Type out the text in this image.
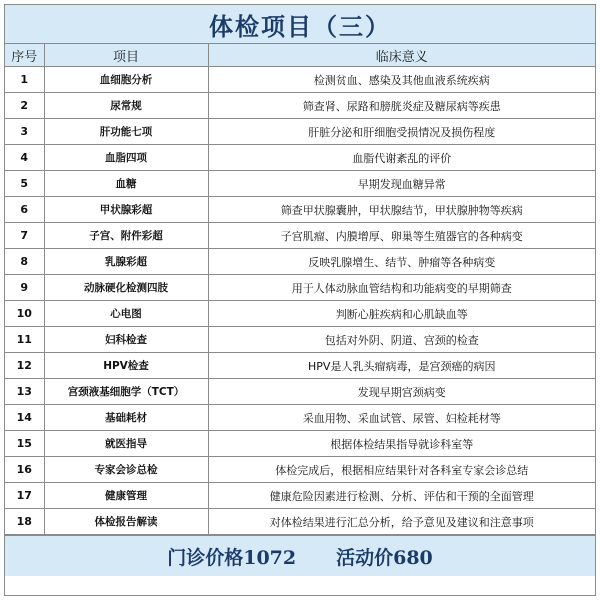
体检项目（三）
序号	项目	临床意义
1	血细胞分析	检测贫血、感染及其他血液系统疾病
2	尿常规	筛查肾、尿路和膀胱炎症及糖尿病等疾患
3	肝功能七项	肝脏分泌和肝细胞受损情况及损伤程度
4	血脂四项	血脂代谢紊乱的评价
5	血糖	早期发现血糖异常
6	甲状腺彩超	筛查甲状腺囊肿，甲状腺结节，甲状腺肿物等疾病
7	子宫、附件彩超	子宫肌瘤、内膜增厚、卵巢等生殖器官的各种病变
8	乳腺彩超	反映乳腺增生、结节、肿瘤等各种病变
9	动脉硬化检测四肢	用于人体动脉血管结构和功能病变的早期筛查
10	心电图	判断心脏疾病和心肌缺血等
11	妇科检查	包括对外阴、阴道、宫颈的检查
12	HPV检查	HPV是人乳头瘤病毒，是宫颈癌的病因
13	宫颈液基细胞学（TCT）	发现早期宫颈病变
14	基础耗材	采血用物、采血试管、尿管、妇检耗材等
15	就医指导	根据体检结果指导就诊科室等
16	专家会诊总检	体检完成后，根据相应结果针对各科室专家会诊总结
17	健康管理	健康危险因素进行检测、分析、评估和干预的全面管理
18	体检报告解读	对体检结果进行汇总分析，给予意见及建议和注意事项
门诊价格1072 活动价680
